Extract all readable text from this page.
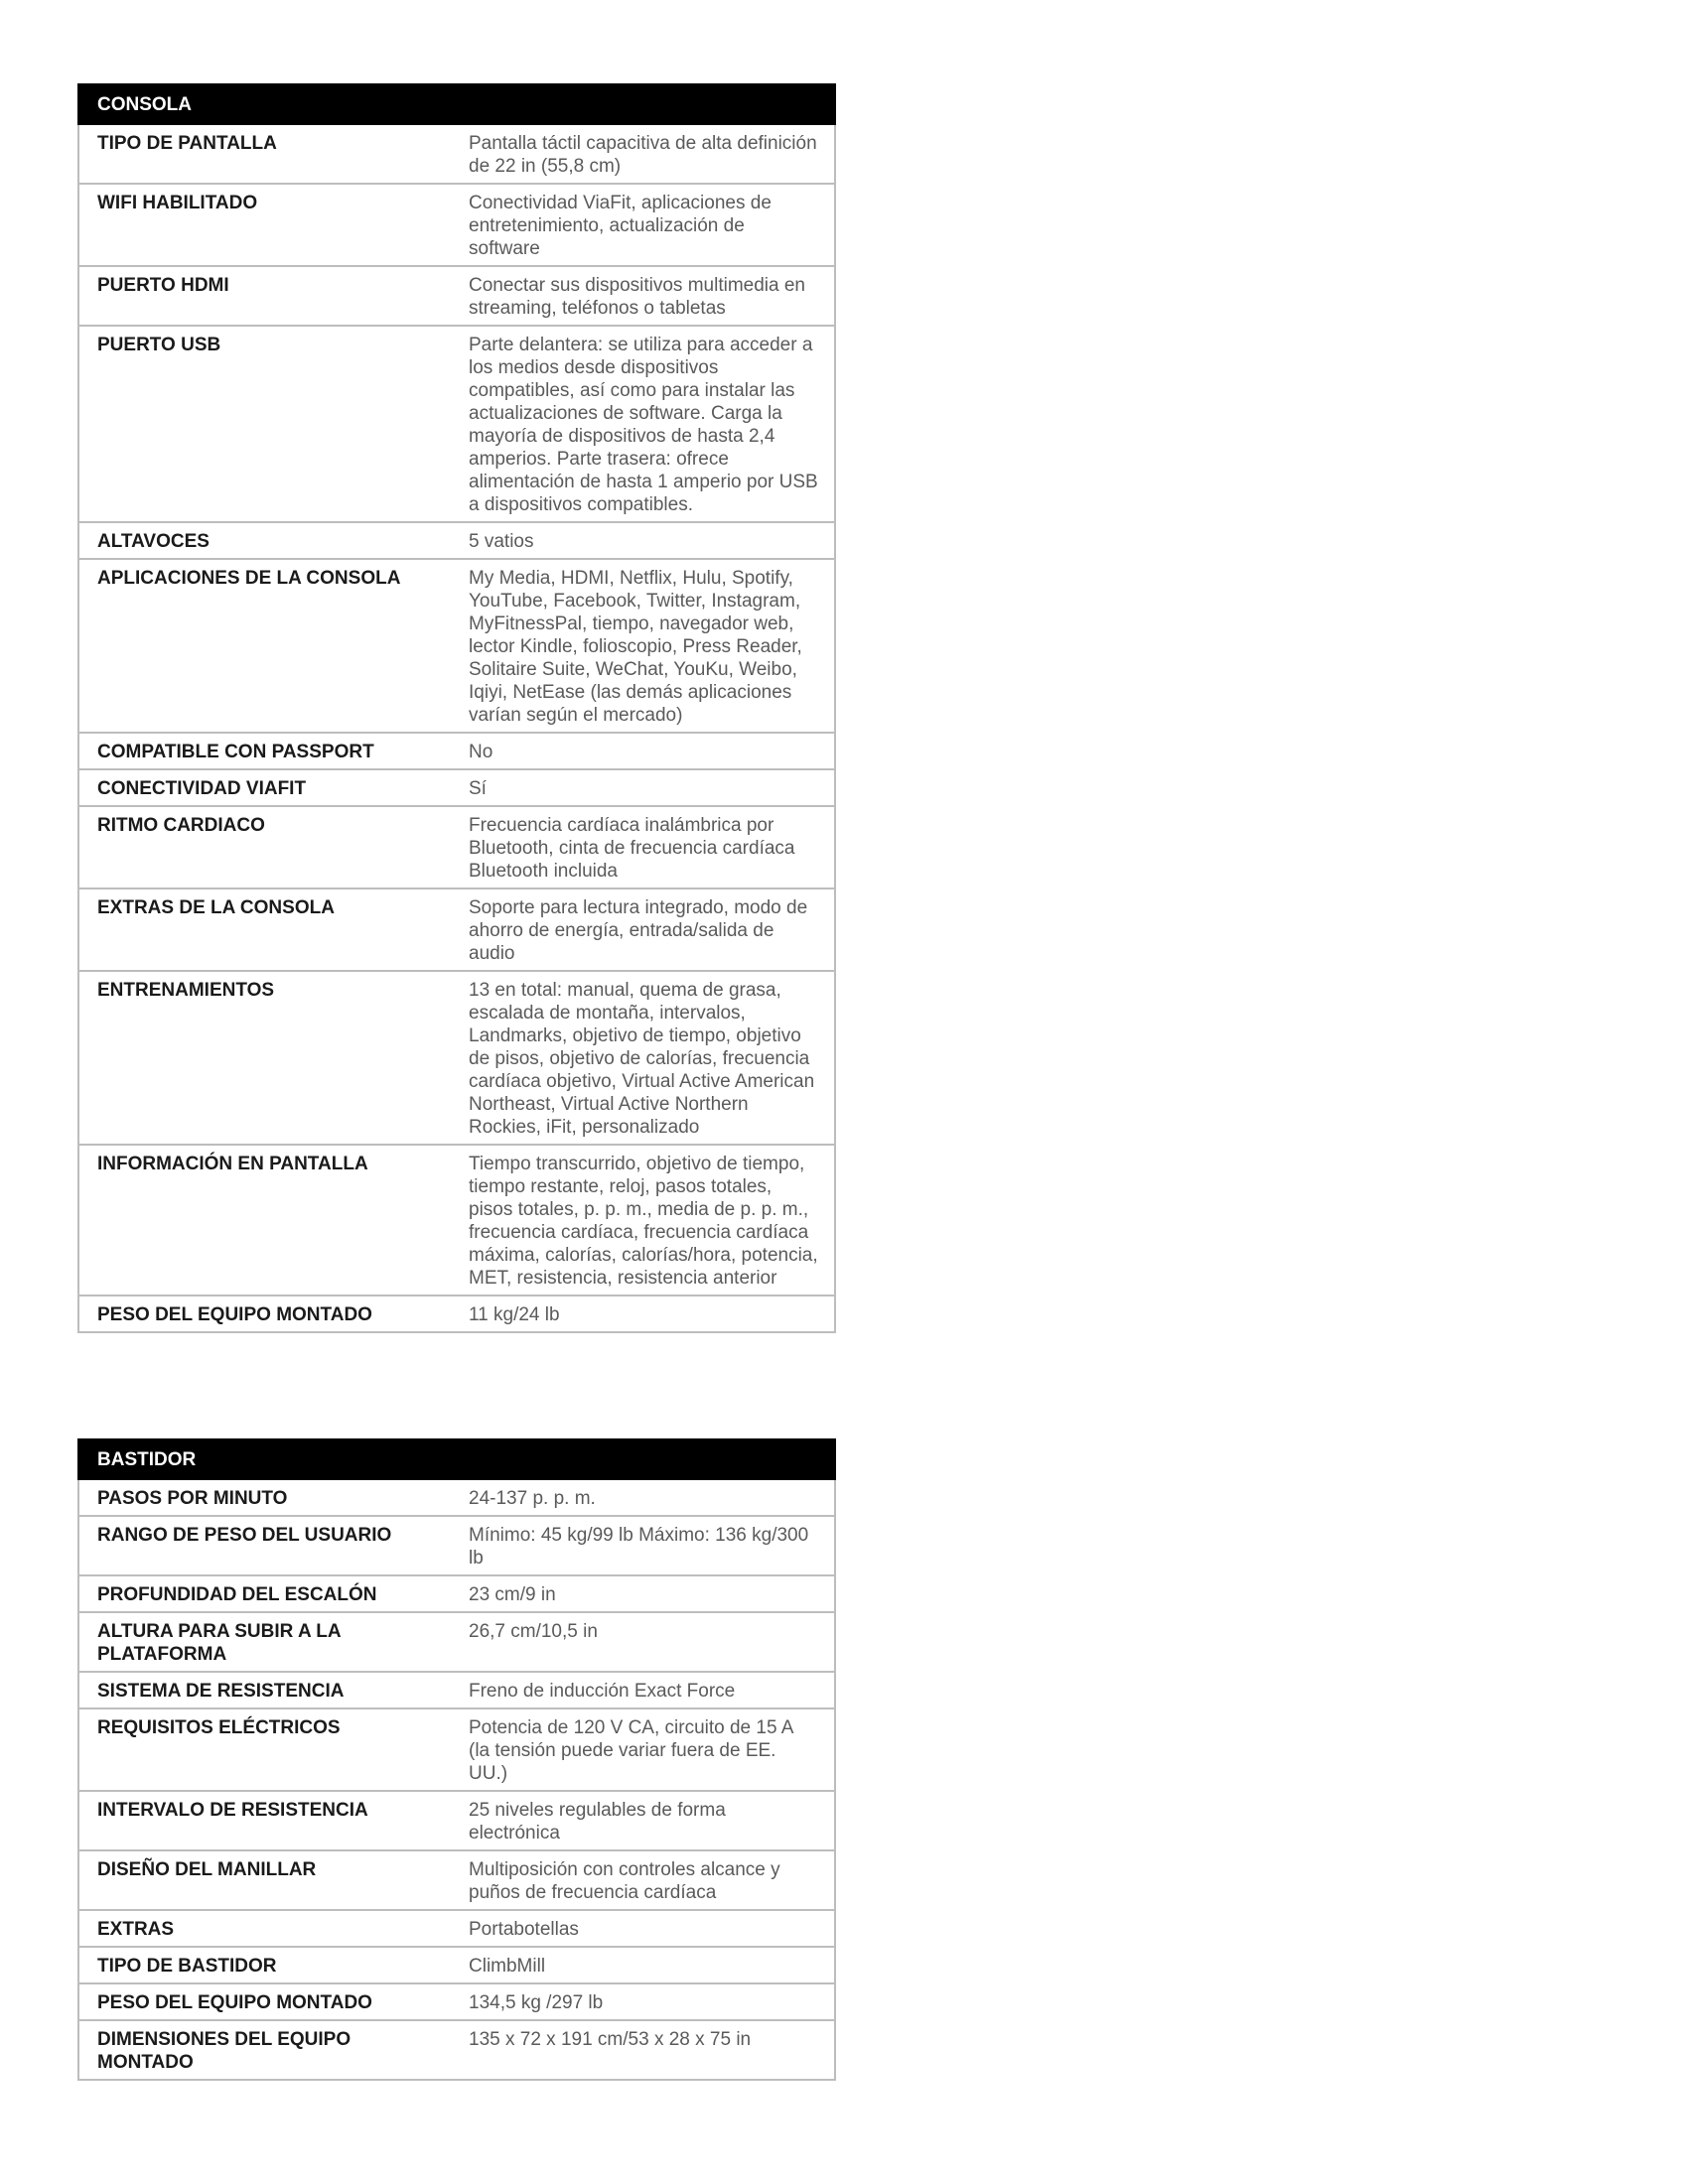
CONSOLA	
TIPO DE PANTALLA	Pantalla táctil capacitiva de alta definición de 22 in (55,8 cm)
WIFI HABILITADO	Conectividad ViaFit, aplicaciones de entretenimiento, actualización de software
PUERTO HDMI	Conectar sus dispositivos multimedia en streaming, teléfonos o tabletas
PUERTO USB	Parte delantera: se utiliza para acceder a los medios desde dispositivos compatibles, así como para instalar las actualizaciones de software. Carga la mayoría de dispositivos de hasta 2,4 amperios. Parte trasera: ofrece alimentación de hasta 1 amperio por USB a dispositivos compatibles.
ALTAVOCES	5 vatios
APLICACIONES DE LA CONSOLA	My Media, HDMI, Netflix, Hulu, Spotify, YouTube, Facebook, Twitter, Instagram, MyFitnessPal, tiempo, navegador web, lector Kindle, folioscopio, Press Reader, Solitaire Suite, WeChat, YouKu, Weibo, Iqiyi, NetEase (las demás aplicaciones varían según el mercado)
COMPATIBLE CON PASSPORT	No
CONECTIVIDAD VIAFIT	Sí
RITMO CARDIACO	Frecuencia cardíaca inalámbrica por Bluetooth, cinta de frecuencia cardíaca Bluetooth incluida
EXTRAS DE LA CONSOLA	Soporte para lectura integrado, modo de ahorro de energía, entrada/salida de audio
ENTRENAMIENTOS	13 en total: manual, quema de grasa, escalada de montaña, intervalos, Landmarks, objetivo de tiempo, objetivo de pisos, objetivo de calorías, frecuencia cardíaca objetivo, Virtual Active American Northeast, Virtual Active Northern Rockies, iFit, personalizado
INFORMACIÓN EN PANTALLA	Tiempo transcurrido, objetivo de tiempo, tiempo restante, reloj, pasos totales, pisos totales, p. p. m., media de p. p. m., frecuencia cardíaca, frecuencia cardíaca máxima, calorías, calorías/hora, potencia, MET, resistencia, resistencia anterior
PESO DEL EQUIPO MONTADO	11 kg/24 lb
BASTIDOR	
PASOS POR MINUTO	24-137 p. p. m.
RANGO DE PESO DEL USUARIO	Mínimo: 45 kg/99 lb Máximo: 136 kg/300 lb
PROFUNDIDAD DEL ESCALÓN	23 cm/9 in
ALTURA PARA SUBIR A LA PLATAFORMA	26,7 cm/10,5 in
SISTEMA DE RESISTENCIA	Freno de inducción Exact Force
REQUISITOS ELÉCTRICOS	Potencia de 120 V CA, circuito de 15 A (la tensión puede variar fuera de EE. UU.)
INTERVALO DE RESISTENCIA	25 niveles regulables de forma electrónica
DISEÑO DEL MANILLAR	Multiposición con controles alcance y puños de frecuencia cardíaca
EXTRAS	Portabotellas
TIPO DE BASTIDOR	ClimbMill
PESO DEL EQUIPO MONTADO	134,5 kg /297 lb
DIMENSIONES DEL EQUIPO MONTADO	135 x 72 x 191 cm/53 x 28 x 75 in
